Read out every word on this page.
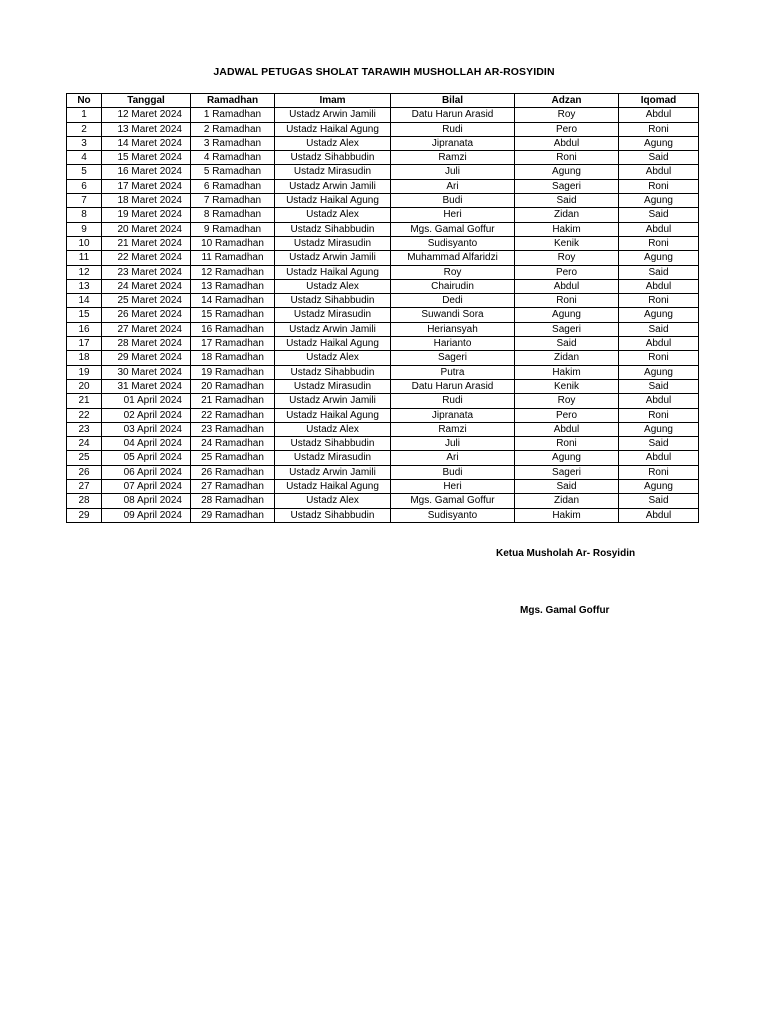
JADWAL PETUGAS SHOLAT TARAWIH MUSHOLLAH AR-ROSYIDIN
No	Tanggal	Ramadhan	Imam	Bilal	Adzan	Iqomad
1	12 Maret 2024	1 Ramadhan	Ustadz Arwin Jamili	Datu Harun Arasid	Roy	Abdul
2	13 Maret 2024	2 Ramadhan	Ustadz Haikal Agung	Rudi	Pero	Roni
3	14 Maret 2024	3 Ramadhan	Ustadz Alex	Jipranata	Abdul	Agung
4	15 Maret 2024	4 Ramadhan	Ustadz Sihabbudin	Ramzi	Roni	Said
5	16 Maret 2024	5 Ramadhan	Ustadz Mirasudin	Juli	Agung	Abdul
6	17 Maret 2024	6 Ramadhan	Ustadz Arwin Jamili	Ari	Sageri	Roni
7	18 Maret 2024	7 Ramadhan	Ustadz Haikal Agung	Budi	Said	Agung
8	19 Maret 2024	8 Ramadhan	Ustadz Alex	Heri	Zidan	Said
9	20 Maret 2024	9 Ramadhan	Ustadz Sihabbudin	Mgs. Gamal Goffur	Hakim	Abdul
10	21 Maret 2024	10 Ramadhan	Ustadz Mirasudin	Sudisyanto	Kenik	Roni
11	22 Maret 2024	11 Ramadhan	Ustadz Arwin Jamili	Muhammad Alfaridzi	Roy	Agung
12	23 Maret 2024	12 Ramadhan	Ustadz Haikal Agung	Roy	Pero	Said
13	24 Maret 2024	13 Ramadhan	Ustadz Alex	Chairudin	Abdul	Abdul
14	25 Maret 2024	14 Ramadhan	Ustadz Sihabbudin	Dedi	Roni	Roni
15	26 Maret 2024	15 Ramadhan	Ustadz Mirasudin	Suwandi Sora	Agung	Agung
16	27 Maret 2024	16 Ramadhan	Ustadz Arwin Jamili	Heriansyah	Sageri	Said
17	28 Maret 2024	17 Ramadhan	Ustadz Haikal Agung	Harianto	Said	Abdul
18	29 Maret 2024	18 Ramadhan	Ustadz Alex	Sageri	Zidan	Roni
19	30 Maret 2024	19 Ramadhan	Ustadz Sihabbudin	Putra	Hakim	Agung
20	31 Maret 2024	20 Ramadhan	Ustadz Mirasudin	Datu Harun Arasid	Kenik	Said
21	01 April 2024	21 Ramadhan	Ustadz Arwin Jamili	Rudi	Roy	Abdul
22	02 April 2024	22 Ramadhan	Ustadz Haikal Agung	Jipranata	Pero	Roni
23	03 April 2024	23 Ramadhan	Ustadz Alex	Ramzi	Abdul	Agung
24	04 April 2024	24 Ramadhan	Ustadz Sihabbudin	Juli	Roni	Said
25	05 April 2024	25 Ramadhan	Ustadz Mirasudin	Ari	Agung	Abdul
26	06 April 2024	26 Ramadhan	Ustadz Arwin Jamili	Budi	Sageri	Roni
27	07 April 2024	27 Ramadhan	Ustadz Haikal Agung	Heri	Said	Agung
28	08 April 2024	28 Ramadhan	Ustadz Alex	Mgs. Gamal Goffur	Zidan	Said
29	09 April 2024	29 Ramadhan	Ustadz Sihabbudin	Sudisyanto	Hakim	Abdul
Ketua Musholah Ar- Rosyidin
Mgs. Gamal Goffur
